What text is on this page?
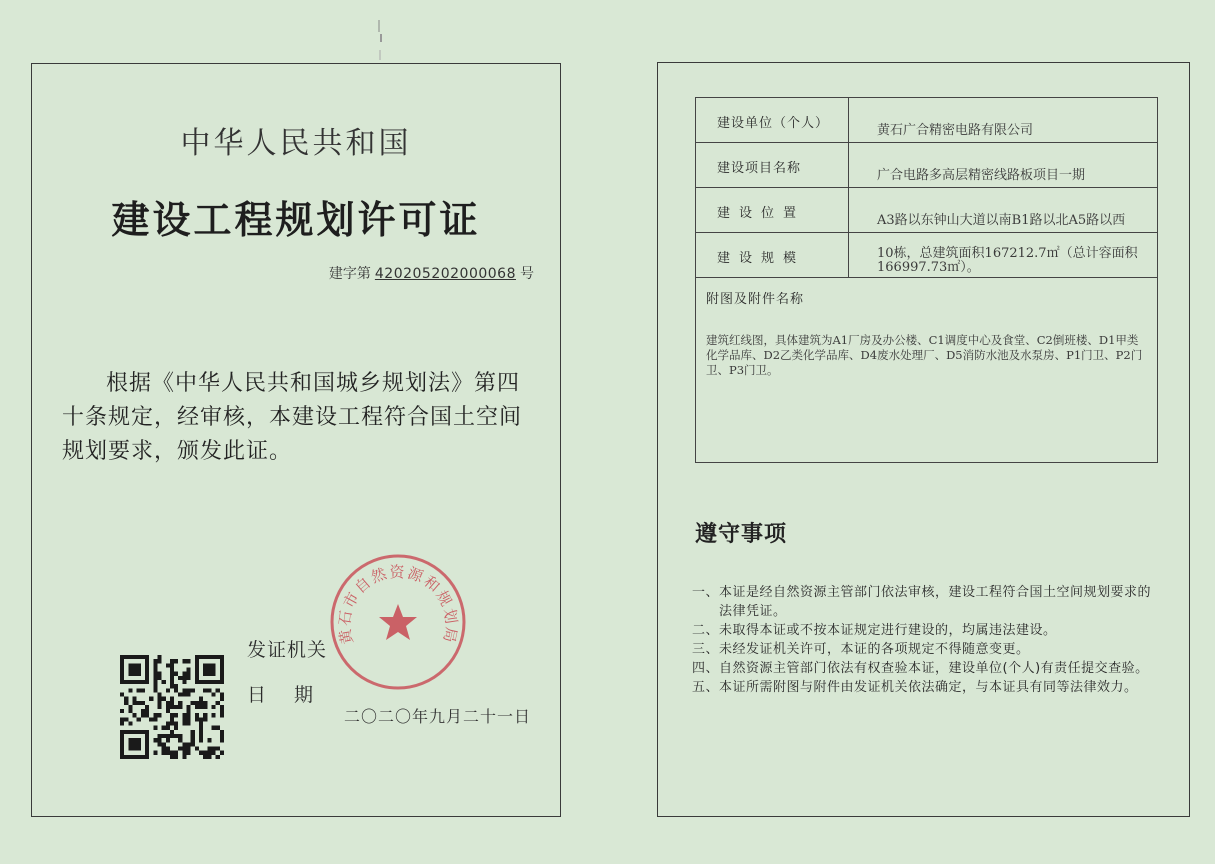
中华人民共和国
建设工程规划许可证
建字第 420205202000068 号
根据《中华人民共和国城乡规划法》第四十条规定，经审核，本建设工程符合国土空间规划要求，颁发此证。
黄石市自然资源和规划局
发证机关
日期
二〇二〇年九月二十一日
建设单位（个人）	黄石广合精密电路有限公司
建设项目名称	广合电路多高层精密线路板项目一期
建设位置	A3路以东钟山大道以南B1路以北A5路以西
建设规模	10栋，总建筑面积167212.7㎡（总计容面积166997.73㎡）。

附图及附件名称
建筑红线图，具体建筑为A1厂房及办公楼、C1调度中心及食堂、C2倒班楼、D1甲类化学品库、D2乙类化学品库、D4废水处理厂、D5消防水池及水泵房、P1门卫、P2门卫、P3门卫。	
遵守事项
一、 本证是经自然资源主管部门依法审核，建设工程符合国土空间规划要求的法律凭证。
二、 未取得本证或不按本证规定进行建设的，均属违法建设。
三、 未经发证机关许可，本证的各项规定不得随意变更。
四、 自然资源主管部门依法有权查验本证，建设单位(个人)有责任提交查验。
五、 本证所需附图与附件由发证机关依法确定，与本证具有同等法律效力。
